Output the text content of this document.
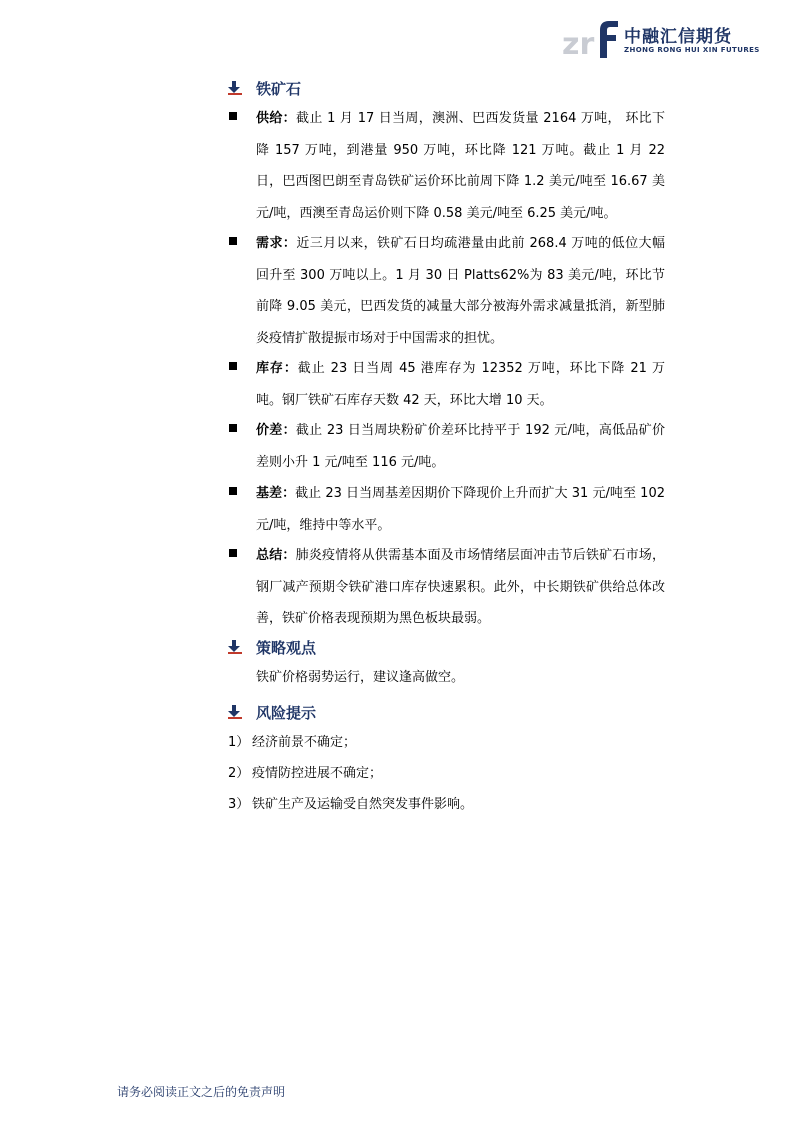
zr 中融汇信期货
ZHONG RONG HUI XIN FUTURES
铁矿石
供给：截止 1 月 17 日当周，澳洲、巴西发货量 2164 万吨， 环比下降 157 万吨，到港量 950 万吨，环比降 121 万吨。截止 1 月 22 日，巴西图巴朗至青岛铁矿运价环比前周下降 1.2 美元/吨至 16.67 美元/吨，西澳至青岛运价则下降 0.58 美元/吨至 6.25 美元/吨。
需求：近三月以来，铁矿石日均疏港量由此前 268.4 万吨的低位大幅回升至 300 万吨以上。1 月 30 日 Platts62%为 83 美元/吨，环比节前降 9.05 美元，巴西发货的减量大部分被海外需求减量抵消，新型肺炎疫情扩散提振市场对于中国需求的担忧。
库存：截止 23 日当周 45 港库存为 12352 万吨，环比下降 21 万吨。钢厂铁矿石库存天数 42 天，环比大增 10 天。
价差：截止 23 日当周块粉矿价差环比持平于 192 元/吨，高低品矿价差则小升 1 元/吨至 116 元/吨。
基差：截止 23 日当周基差因期价下降现价上升而扩大 31 元/吨至 102 元/吨，维持中等水平。
总结：肺炎疫情将从供需基本面及市场情绪层面冲击节后铁矿石市场，钢厂减产预期令铁矿港口库存快速累积。此外，中长期铁矿供给总体改善，铁矿价格表现预期为黑色板块最弱。
策略观点
铁矿价格弱势运行，建议逢高做空。
风险提示
1） 经济前景不确定；
2） 疫情防控进展不确定；
3） 铁矿生产及运输受自然突发事件影响。
请务必阅读正文之后的免责声明
